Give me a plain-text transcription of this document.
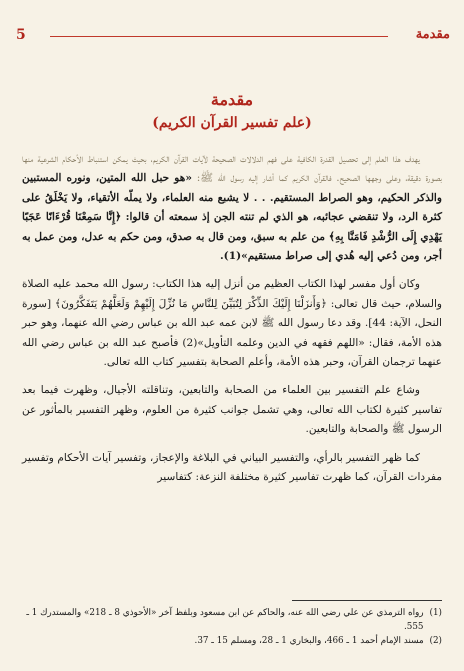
مقدمة
5
مقدمة
(علم تفسير القرآن الكريم)

يهدف هذا العلم إلى تحصيل القدرة الكافية على فهم الدلالات الصحيحة لآيات القرآن الكريم، بحيث يمكن استنباط الأحكام الشرعية منها بصورة دقيقة، وعلى وجهها الصحيح. فالقرآن الكريم كما أشار إليه رسول الله ﷺ: «هو حبل الله المتين، ونوره المستبين والذكر الحكيم، وهو الصراط المستقيم. . . لا يشبع منه العلماء، ولا يملّه الأتقياء، ولا يَخْلَقُ على كثرة الرد، ولا تنقضي عجائبه، هو الذي لم تنته الجن إذ سمعته أن قالوا: ﴿إِنَّا سَمِعْنَا قُرْءَانًا عَجَبًا يَهْدِي إِلَى الرُّشْدِ فَامَنَّا بِهِ﴾ من علم به سبق، ومن قال به صدق، ومن حكم به عدل، ومن عمل به أجر، ومن دُعي إليه هُدي إلى صراط مستقيم»(1).

وكان أول مفسر لهذا الكتاب العظيم من أنزل إليه هذا الكتاب: رسول الله محمد عليه الصلاة والسلام، حيث قال تعالى: ﴿وَأَنزَلْنَا إِلَيْكَ الذِّكْرَ لِتُبَيِّنَ لِلنَّاسِ مَا نُزِّلَ إِلَيْهِمْ وَلَعَلَّهُمْ يَتَفَكَّرُونَ﴾ [سورة النحل، الآية: 44]. وقد دعا رسول الله ﷺ لابن عمه عبد الله بن عباس رضي الله عنهما، وهو حبر هذه الأمة، فقال: «اللهم فقهه في الدين وعلمه التأويل»(2) فأصبح عبد الله بن عباس رضي الله عنهما ترجمان القرآن، وحبر هذه الأمة، وأعلم الصحابة بتفسير كتاب الله تعالى.

وشاع علم التفسير بين العلماء من الصحابة والتابعين، وتناقلته الأجيال، وظهرت فيما بعد تفاسير كثيرة لكتاب الله تعالى، وهي تشمل جوانب كثيرة من العلوم، وظهر التفسير بالمأثور عن الرسول ﷺ والصحابة والتابعين.

كما ظهر التفسير بالرأي، والتفسير البياني في البلاغة والإعجاز، وتفسير آيات الأحكام وتفسير مفردات القرآن، كما ظهرت تفاسير كثيرة مختلفة النزعة: كتفاسير

(1)
رواه الترمذي عن علي رضي الله عنه، والحاكم عن ابن مسعود وبلفظ آخر «الأحوذي 8 ـ 218» والمستدرك 1 ـ 555.
(2)
مسند الإمام أحمد 1 ـ 466، والبخاري 1 ـ 28، ومسلم 15 ـ 37.
